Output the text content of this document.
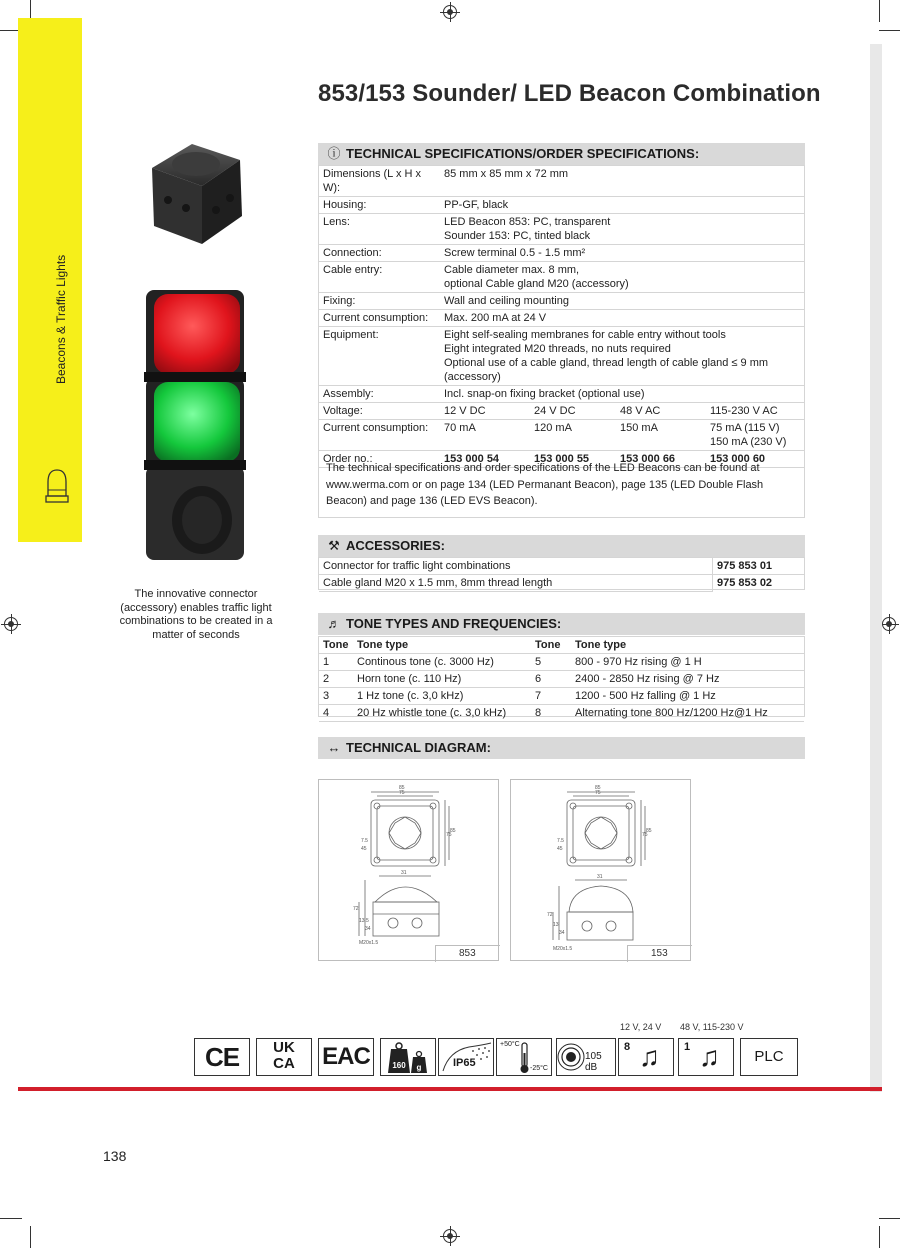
Beacons & Traffic Lights
853/153 Sounder/ LED Beacon Combination
The innovative connector (accessory) enables traffic light combinations to be created in a matter of seconds
ⓘ TECHNICAL SPECIFICATIONS/ORDER SPECIFICATIONS:
Dimensions (L x H x W):	85 mm x 85 mm x 72 mm			
Housing:	PP-GF, black			
Lens:	LED Beacon 853: PC, transparent
Sounder 153: PC, tinted black			

Connection:	Screw terminal 0.5 - 1.5 mm²			
Cable entry:	Cable diameter max. 8 mm,
optional Cable gland M20 (accessory)			

Fixing:	Wall and ceiling mounting			
Current consumption:	Max. 200 mA at 24 V			
Equipment:	Eight self-sealing membranes for cable entry without tools
Eight integrated M20 threads, no nuts required
Optional use of a cable gland, thread length of cable gland ≤ 9 mm
(accessory)			

Assembly:	Incl. snap-on fixing bracket (optional use)			
Voltage:	12 V DC	24 V DC	48 V AC	115-230 V AC
Current consumption:	70 mA	120 mA	150 mA	75 mA (115 V)
150 mA (230 V)

Order no.:	153 000 54	153 000 55	153 000 66	153 000 60
The technical specifications and order specifications of the LED Beacons can be found at www.werma.com or on page 134 (LED Permanant Beacon), page 135 (LED Double Flash Beacon) and page 136 (LED EVS Beacon).
⚒ ACCESSORIES:
Connector for traffic light combinations	975 853 01
Cable gland M20 x 1.5 mm, 8mm thread length	975 853 02
♬ TONE TYPES AND FREQUENCIES:
Tone	Tone type	Tone	Tone type
1	Continous tone (c. 3000 Hz)	5	800 - 970 Hz rising @ 1 H
2	Horn tone (c. 110 Hz)	6	2400 - 2850 Hz rising @ 7 Hz
3	1 Hz tone (c. 3,0 kHz)	7	1200 - 500 Hz falling @ 1 Hz
4	20 Hz whistle tone (c. 3,0 kHz)	8	Alternating tone 800 Hz/1200 Hz@1 Hz
↔ TECHNICAL DIAGRAM:
85
75
75
85
31
72
13.5
34
M20x1.5
7.5
45
853
85
75
75
85
31
72
13
34
M20x1.5
7.5
45
153
12 V, 24 V 48 V, 115-230 V
CE	UK
CA	EAC	160	g	IP65
+50°C
-25°C
105 dB
8 ♫ 1 ♫	PLC
138
